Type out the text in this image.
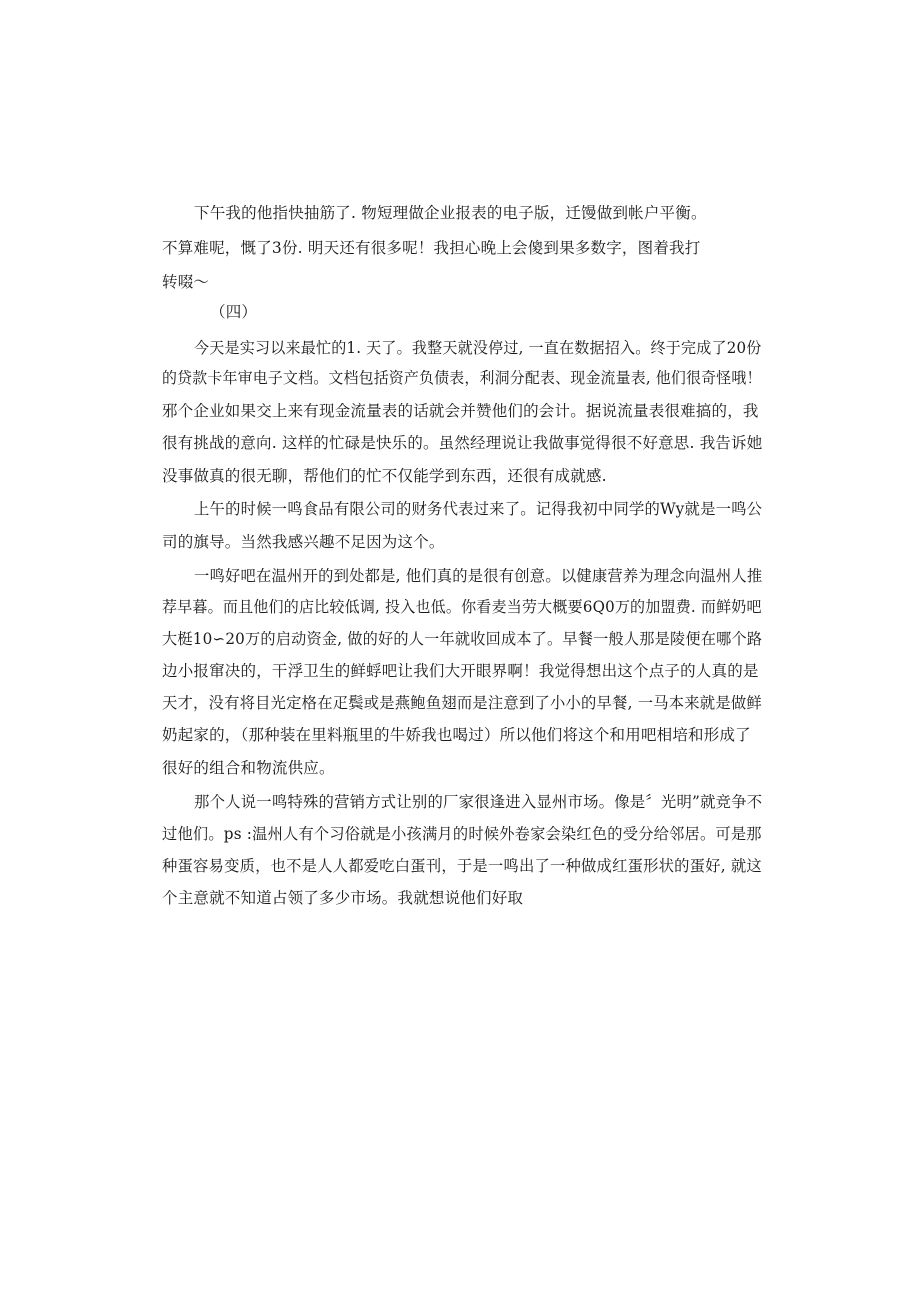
下午我的他指快抽筋了. 物短理做企业报表的电子版，迁馒做到帐户平衡。
不算难呢，慨了3份. 明天还有很多呢！我担心晚上会傻到果多数字，图着我打
转啜～
（四）
今天是实习以来最忙的1. 天了。我整天就没停过, 一直在数据招入。终于完成了20份
的贷款卡年审电子文档。文档包括资产负债表，利洞分配表、现金流量表, 他们很奇怪哦！
邪个企业如果交上来有现金流量表的话就会并赞他们的会计。据说流量表很难搞的，我
很有挑战的意向. 这样的忙碌是快乐的。虽然经理说让我做事觉得很不好意思. 我告诉她
没事做真的很无聊，帮他们的忙不仅能学到东西，还很有成就感.
上午的时候一鸣食品有限公司的财务代表过来了。记得我初中同学的Wy就是一鸣公
司的旗导。当然我感兴趣不足因为这个。
一鸣好吧在温州开的到处都是, 他们真的是很有创意。以健康营养为理念向温州人推
荐早暮。而且他们的店比较低调, 投入也低。你看麦当劳大概要6Q0万的加盟费. 而鲜奶吧
大梃10∽20万的启动资金, 做的好的人一年就收回成本了。早餐一般人那是陵便在哪个路
边小报窜决的，干浮卫生的鲜蜉吧让我们大开眼界啊！我觉得想出这个点子的人真的是
天才，没有将目光定格在疋鬓或是燕鲍鱼翅而是注意到了小小的早餐, 一马本来就是做鲜
奶起家的，（那种装在里料瓶里的牛娇我也喝过）所以他们将这个和用吧相培和形成了
很好的组合和物流供应。
那个人说一鸣特殊的营销方式让别的厂家很逢进入显州市场。像是〞光明”就竞争不
过他们。ps :温州人有个习俗就是小孩满月的时候外卷家会染红色的受分给邻居。可是那
种蛋容易变质，也不是人人都爱吃白蛋刊，于是一鸣出了一种做成红蛋形状的蛋好, 就这
个主意就不知道占领了多少市场。我就想说他们好取
